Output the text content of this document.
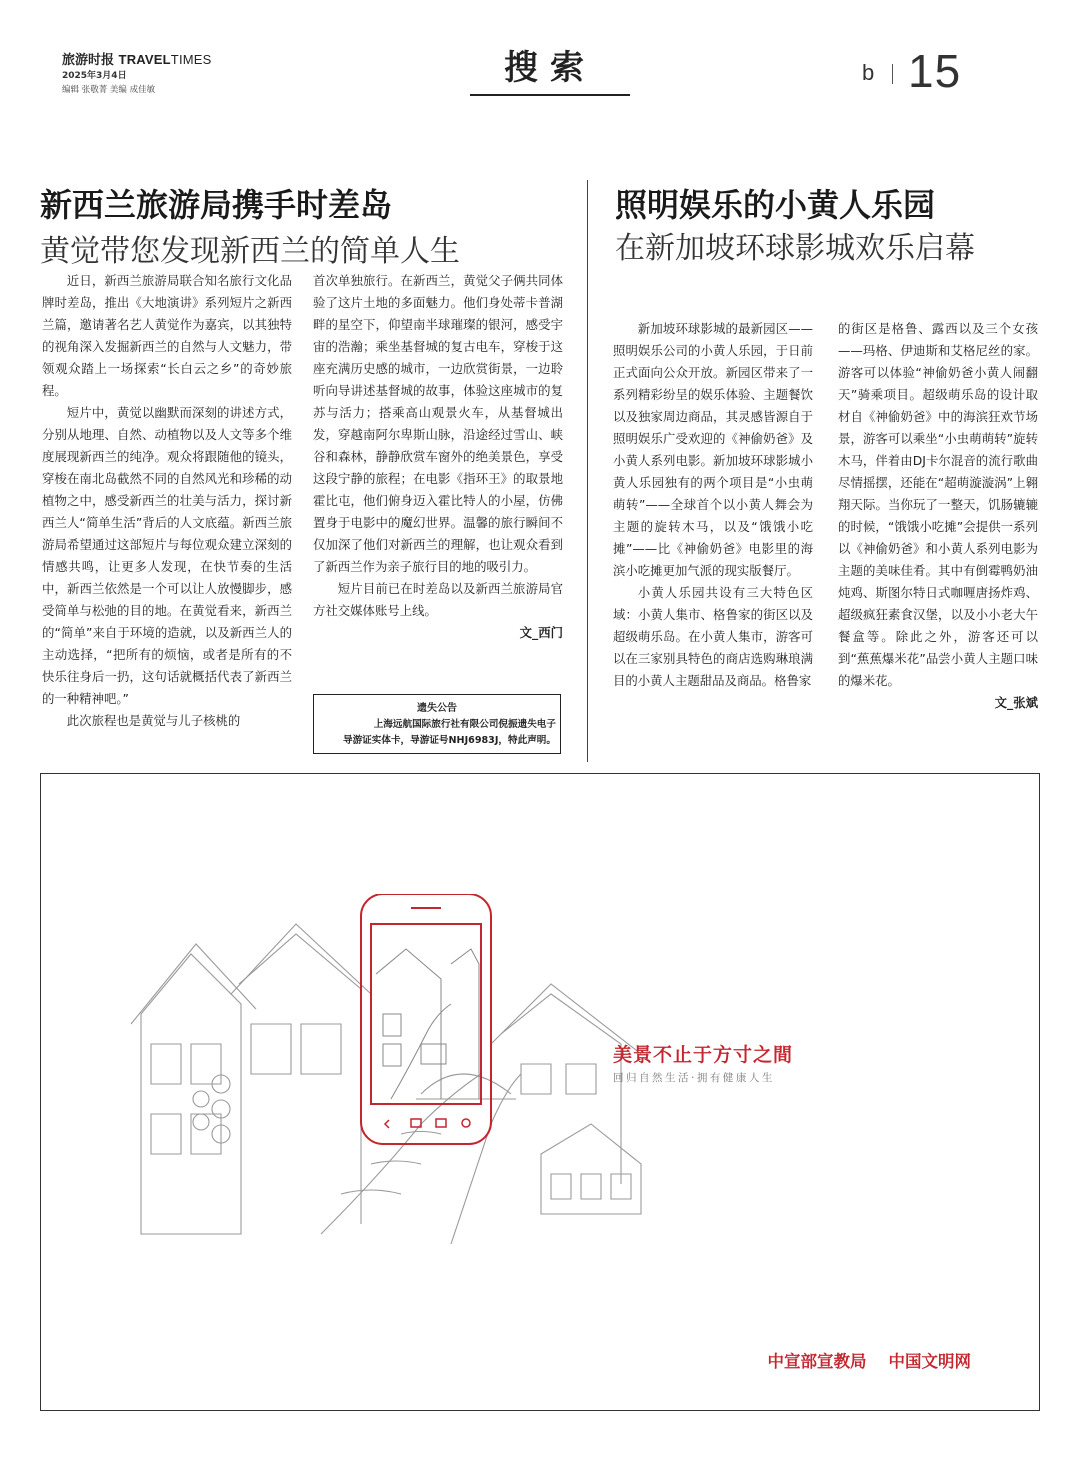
旅游时报 TRAVELTIMES
2025年3月4日
编辑 张敬菁 美编 成佳敏
搜索	b 15
新西兰旅游局携手时差岛
黄觉带您发现新西兰的简单人生

近日，新西兰旅游局联合知名旅行文化品牌时差岛，推出《大地演讲》系列短片之新西兰篇，邀请著名艺人黄觉作为嘉宾，以其独特的视角深入发掘新西兰的自然与人文魅力，带领观众踏上一场探索“长白云之乡”的奇妙旅程。

短片中，黄觉以幽默而深刻的讲述方式，分别从地理、自然、动植物以及人文等多个维度展现新西兰的纯净。观众将跟随他的镜头，穿梭在南北岛截然不同的自然风光和珍稀的动植物之中，感受新西兰的壮美与活力，探讨新西兰人“简单生活”背后的人文底蕴。新西兰旅游局希望通过这部短片与每位观众建立深刻的情感共鸣，让更多人发现，在快节奏的生活中，新西兰依然是一个可以让人放慢脚步，感受简单与松弛的目的地。在黄觉看来，新西兰的“简单”来自于环境的造就，以及新西兰人的主动选择，“把所有的烦恼，或者是所有的不快乐往身后一扔，这句话就概括代表了新西兰的一种精神吧。”

此次旅程也是黄觉与儿子核桃的

首次单独旅行。在新西兰，黄觉父子俩共同体验了这片土地的多面魅力。他们身处蒂卡普湖畔的星空下，仰望南半球璀璨的银河，感受宇宙的浩瀚；乘坐基督城的复古电车，穿梭于这座充满历史感的城市，一边欣赏街景，一边聆听向导讲述基督城的故事，体验这座城市的复苏与活力；搭乘高山观景火车，从基督城出发，穿越南阿尔卑斯山脉，沿途经过雪山、峡谷和森林，静静欣赏车窗外的绝美景色，享受这段宁静的旅程；在电影《指环王》的取景地霍比屯，他们俯身迈入霍比特人的小屋，仿佛置身于电影中的魔幻世界。温馨的旅行瞬间不仅加深了他们对新西兰的理解，也让观众看到了新西兰作为亲子旅行目的地的吸引力。

短片目前已在时差岛以及新西兰旅游局官方社交媒体账号上线。

文_西门

遗失公告
上海远航国际旅行社有限公司倪振遗失电子
导游证实体卡，导游证号NHJ6983J，特此声明。
照明娱乐的小黄人乐园
在新加坡环球影城欢乐启幕

新加坡环球影城的最新园区——照明娱乐公司的小黄人乐园，于日前正式面向公众开放。新园区带来了一系列精彩纷呈的娱乐体验、主题餐饮以及独家周边商品，其灵感皆源自于照明娱乐广受欢迎的《神偷奶爸》及小黄人系列电影。新加坡环球影城小黄人乐园独有的两个项目是“小虫萌萌转”——全球首个以小黄人舞会为主题的旋转木马，以及“饿饿小吃摊”——比《神偷奶爸》电影里的海滨小吃摊更加气派的现实版餐厅。

小黄人乐园共设有三大特色区域：小黄人集市、格鲁家的街区以及超级萌乐岛。在小黄人集市，游客可以在三家别具特色的商店选购琳琅满目的小黄人主题甜品及商品。格鲁家

的街区是格鲁、露西以及三个女孩——玛格、伊迪斯和艾格尼丝的家。游客可以体验“神偷奶爸小黄人闹翻天”骑乘项目。超级萌乐岛的设计取材自《神偷奶爸》中的海滨狂欢节场景，游客可以乘坐“小虫萌萌转”旋转木马，伴着由DJ卡尔混音的流行歌曲尽情摇摆，还能在“超萌漩漩涡”上翱翔天际。当你玩了一整天，饥肠辘辘的时候，“饿饿小吃摊”会提供一系列以《神偷奶爸》和小黄人系列电影为主题的美味佳肴。其中有倒霉鸭奶油炖鸡、斯图尔特日式咖喱唐扬炸鸡、超级疯狂素食汉堡，以及小小老大午餐盒等。除此之外，游客还可以到“蕉蕉爆米花”品尝小黄人主题口味的爆米花。

文_张斌

美景不止于方寸之間
回归自然生活·拥有健康人生
中宣部宣教局 中国文明网
